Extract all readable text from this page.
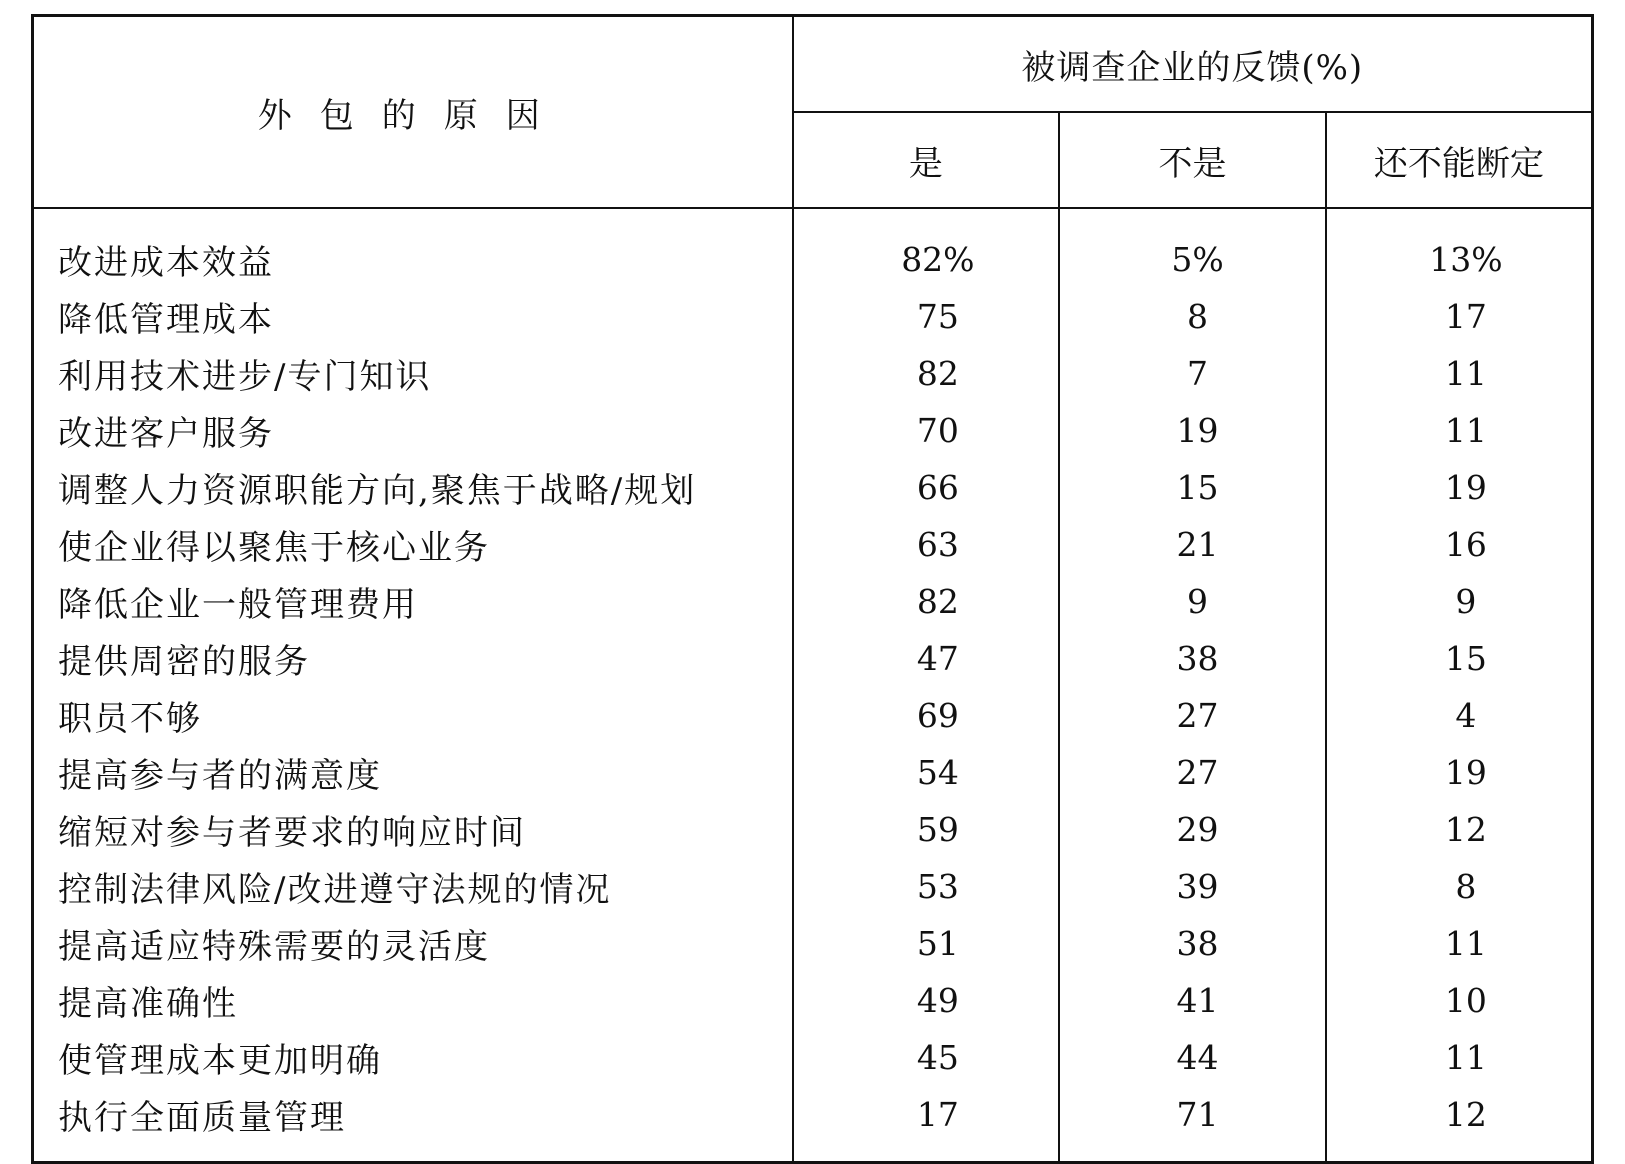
外包的原因	被调查企业的反馈(%)		
	是	不是	还不能断定

改进成本效益	82%	5%	13%
降低管理成本	75	8	17
利用技术进步/专门知识	82	7	11
改进客户服务	70	19	11
调整人力资源职能方向,聚焦于战略/规划	66	15	19
使企业得以聚焦于核心业务	63	21	16
降低企业一般管理费用	82	9	9
提供周密的服务	47	38	15
职员不够	69	27	4
提高参与者的满意度	54	27	19
缩短对参与者要求的响应时间	59	29	12
控制法律风险/改进遵守法规的情况	53	39	8
提高适应特殊需要的灵活度	51	38	11
提高准确性	49	41	10
使管理成本更加明确	45	44	11
执行全面质量管理	17	71	12
